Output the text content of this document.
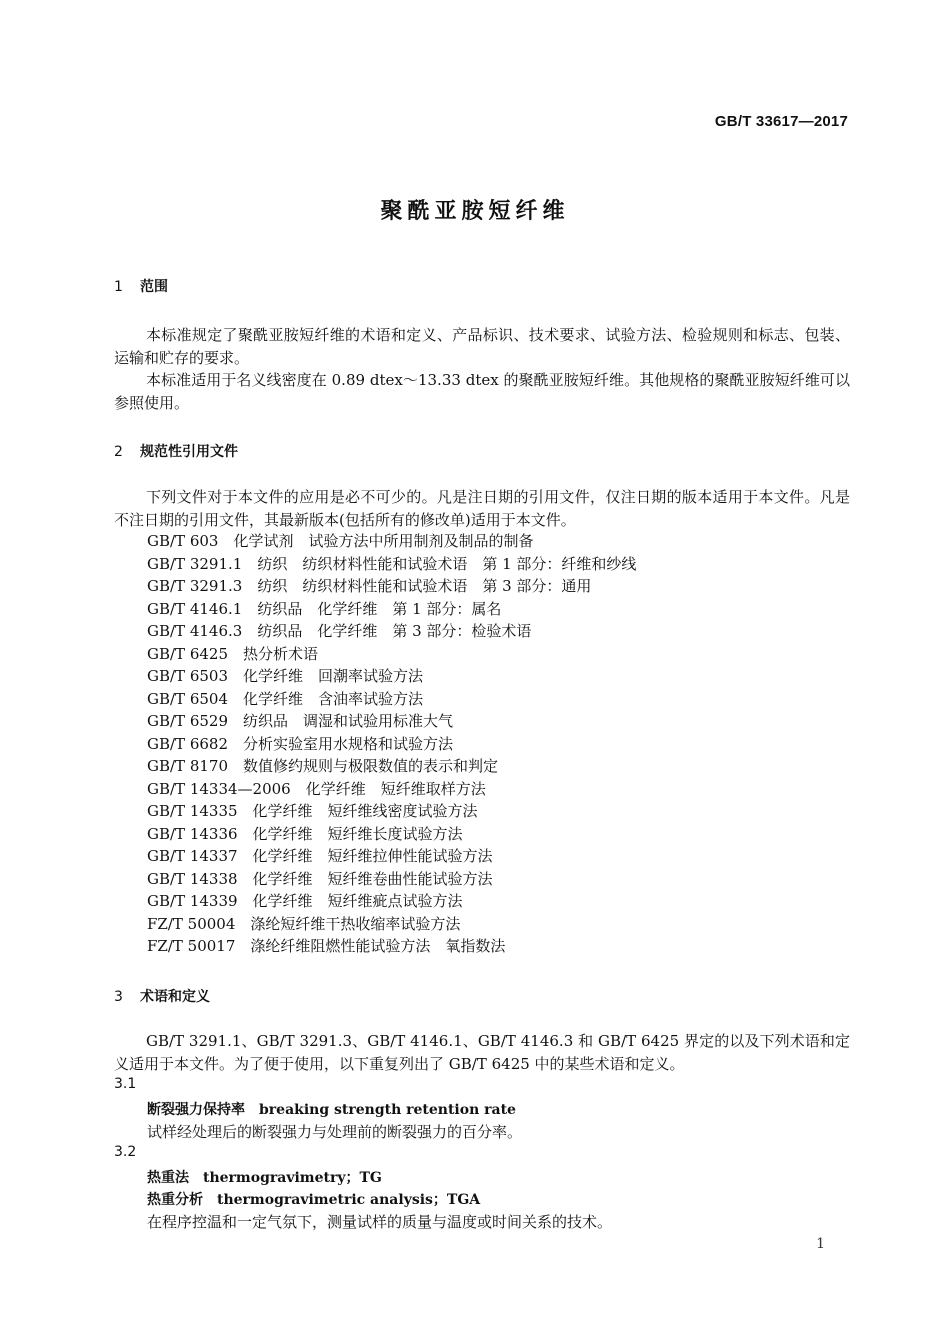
GB/T 33617—2017
聚酰亚胺短纤维
1 范围

本标准规定了聚酰亚胺短纤维的术语和定义、产品标识、技术要求、试验方法、检验规则和标志、包装、运输和贮存的要求。

本标准适用于名义线密度在 0.89 dtex～13.33 dtex 的聚酰亚胺短纤维。其他规格的聚酰亚胺短纤维可以参照使用。

2 规范性引用文件

下列文件对于本文件的应用是必不可少的。凡是注日期的引用文件，仅注日期的版本适用于本文件。凡是不注日期的引用文件，其最新版本(包括所有的修改单)适用于本文件。

GB/T 603　化学试剂　试验方法中所用制剂及制品的制备
GB/T 3291.1　纺织　纺织材料性能和试验术语　第 1 部分：纤维和纱线
GB/T 3291.3　纺织　纺织材料性能和试验术语　第 3 部分：通用
GB/T 4146.1　纺织品　化学纤维　第 1 部分：属名
GB/T 4146.3　纺织品　化学纤维　第 3 部分：检验术语
GB/T 6425　热分析术语
GB/T 6503　化学纤维　回潮率试验方法
GB/T 6504　化学纤维　含油率试验方法
GB/T 6529　纺织品　调湿和试验用标准大气
GB/T 6682　分析实验室用水规格和试验方法
GB/T 8170　数值修约规则与极限数值的表示和判定
GB/T 14334—2006　化学纤维　短纤维取样方法
GB/T 14335　化学纤维　短纤维线密度试验方法
GB/T 14336　化学纤维　短纤维长度试验方法
GB/T 14337　化学纤维　短纤维拉伸性能试验方法
GB/T 14338　化学纤维　短纤维卷曲性能试验方法
GB/T 14339　化学纤维　短纤维疵点试验方法
FZ/T 50004　涤纶短纤维干热收缩率试验方法
FZ/T 50017　涤纶纤维阻燃性能试验方法　氧指数法
3 术语和定义

GB/T 3291.1、GB/T 3291.3、GB/T 4146.1、GB/T 4146.3 和 GB/T 6425 界定的以及下列术语和定义适用于本文件。为了便于使用，以下重复列出了 GB/T 6425 中的某些术语和定义。

3.1
断裂强力保持率 breaking strength retention rate
试样经处理后的断裂强力与处理前的断裂强力的百分率。
3.2
热重法 thermogravimetry；TG
热重分析 thermogravimetric analysis；TGA
在程序控温和一定气氛下，测量试样的质量与温度或时间关系的技术。
1
